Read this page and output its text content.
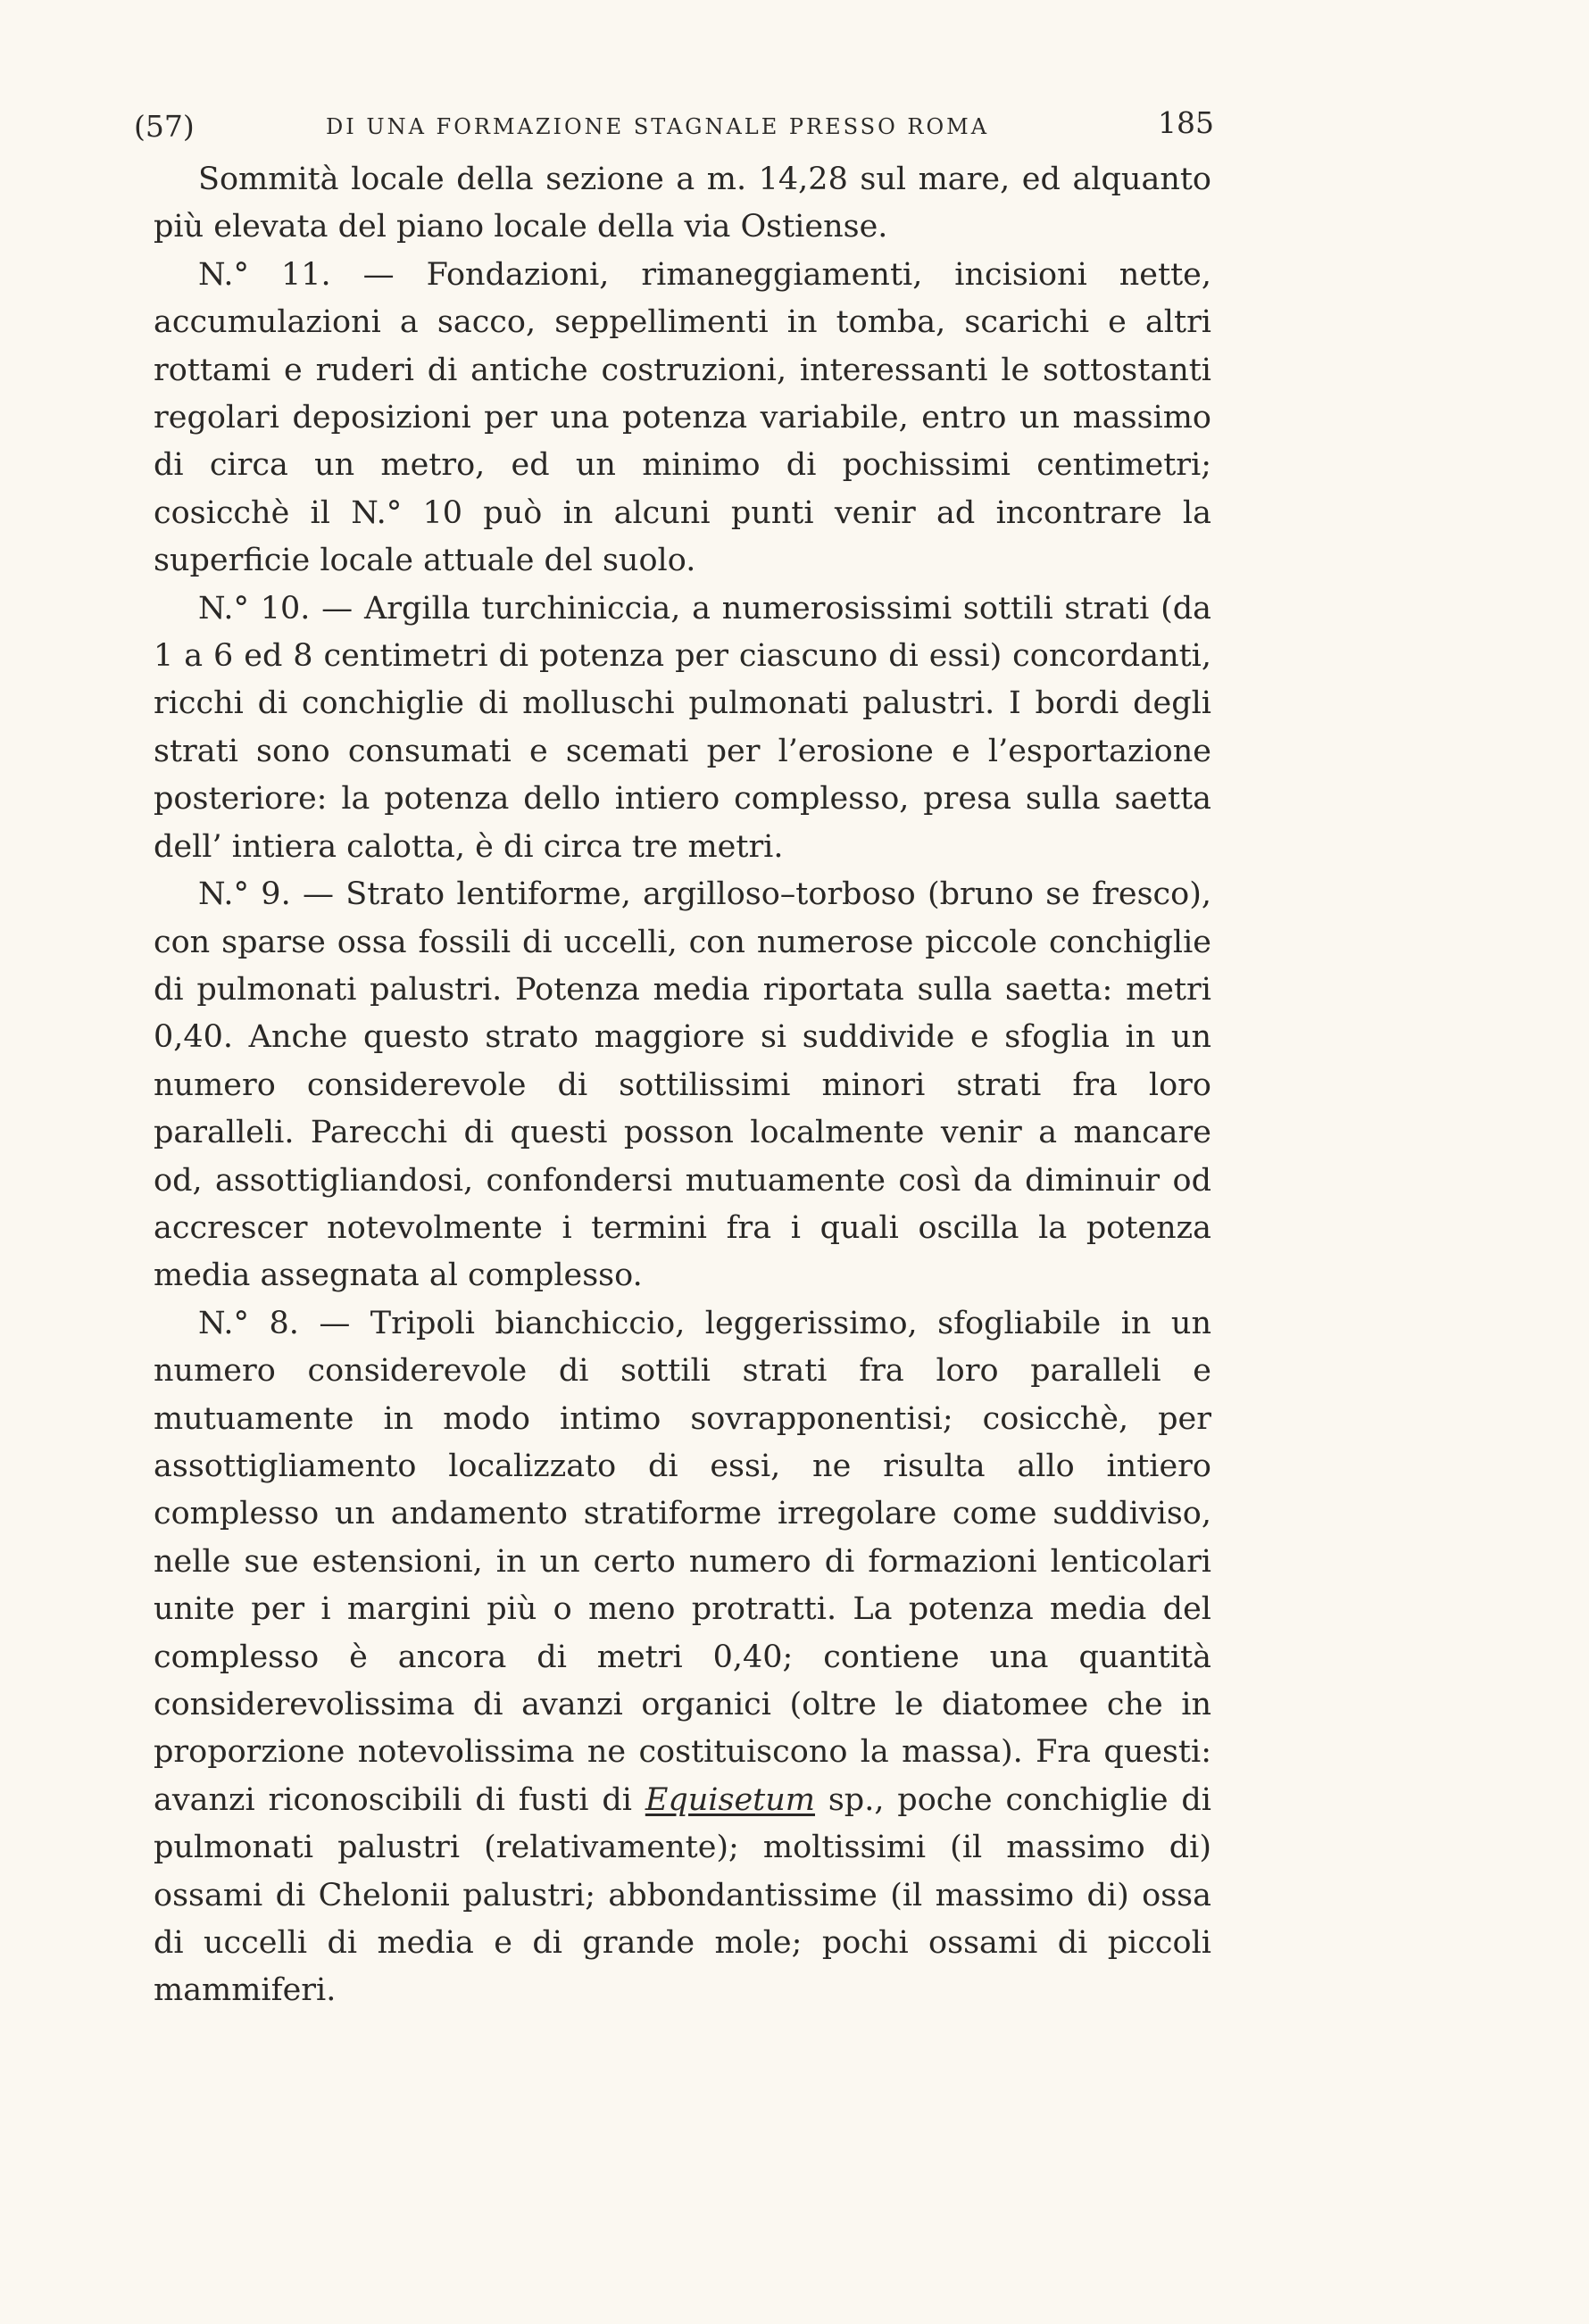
(57)	DI UNA FORMAZIONE STAGNALE PRESSO ROMA	185

Sommità locale della sezione a m. 14,28 sul mare, ed alquanto più elevata del piano locale della via Ostiense.

N.° 11. — Fondazioni, rimaneggiamenti, incisioni nette, accumulazioni a sacco, seppellimenti in tomba, scarichi e altri rottami e ruderi di antiche costruzioni, interessanti le sottostanti regolari deposizioni per una potenza variabile, entro un massimo di circa un metro, ed un minimo di pochissimi centimetri; cosicchè il N.° 10 può in alcuni punti venir ad incontrare la superficie locale attuale del suolo.

N.° 10. — Argilla turchiniccia, a numerosissimi sottili strati (da 1 a 6 ed 8 centimetri di potenza per ciascuno di essi) concordanti, ricchi di conchiglie di molluschi pulmonati palustri. I bordi degli strati sono consumati e scemati per l’erosione e l’esportazione posteriore: la potenza dello intiero complesso, presa sulla saetta dell’ intiera calotta, è di circa tre metri.

N.° 9. — Strato lentiforme, argilloso–torboso (bruno se fresco), con sparse ossa fossili di uccelli, con numerose piccole conchiglie di pulmonati palustri. Potenza media riportata sulla saetta: metri 0,40. Anche questo strato maggiore si suddivide e sfoglia in un numero considerevole di sottilissimi minori strati fra loro paralleli. Parecchi di questi posson localmente venir a mancare od, assottigliandosi, confondersi mutuamente così da diminuir od accrescer notevolmente i termini fra i quali oscilla la potenza media assegnata al complesso.

N.° 8. — Tripoli bianchiccio, leggerissimo, sfogliabile in un numero considerevole di sottili strati fra loro paralleli e mutuamente in modo intimo sovrapponentisi; cosicchè, per assottigliamento localizzato di essi, ne risulta allo intiero complesso un andamento stratiforme irregolare come suddiviso, nelle sue estensioni, in un certo numero di formazioni lenticolari unite per i margini più o meno protratti. La potenza media del complesso è ancora di metri 0,40; contiene una quantità considerevolissima di avanzi organici (oltre le diatomee che in proporzione notevolissima ne costituiscono la massa). Fra questi: avanzi riconoscibili di fusti di Equisetum sp., poche conchiglie di pulmonati palustri (relativamente); moltissimi (il massimo di) ossami di Chelonii palustri; abbondantissime (il massimo di) ossa di uccelli di media e di grande mole; pochi ossami di piccoli mammiferi.
